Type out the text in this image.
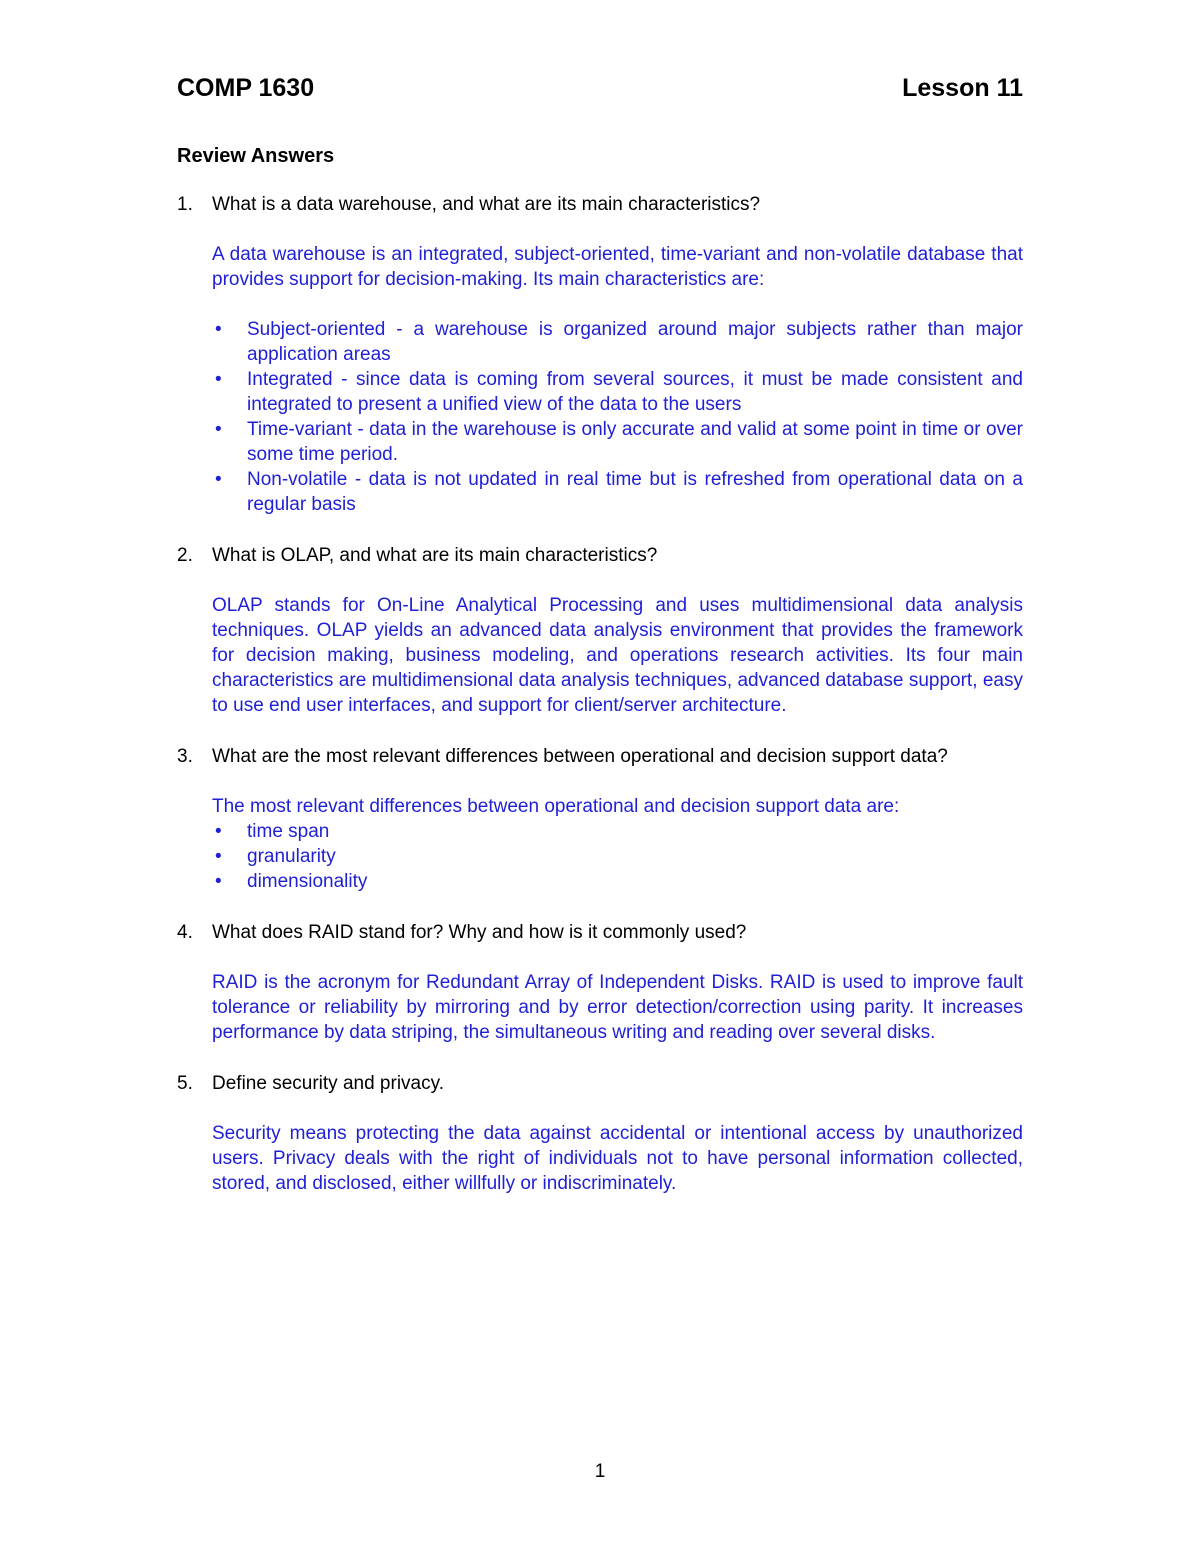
COMP 1630	Lesson 11
Review Answers
1. What is a data warehouse, and what are its main characteristics?

A data warehouse is an integrated, subject-oriented, time-variant and non-volatile database that provides support for decision-making. Its main characteristics are:

• Subject-oriented - a warehouse is organized around major subjects rather than major application areas
• Integrated - since data is coming from several sources, it must be made consistent and integrated to present a unified view of the data to the users
• Time-variant - data in the warehouse is only accurate and valid at some point in time or over some time period.
• Non-volatile - data is not updated in real time but is refreshed from operational data on a regular basis
2. What is OLAP, and what are its main characteristics?

OLAP stands for On-Line Analytical Processing and uses multidimensional data analysis techniques. OLAP yields an advanced data analysis environment that provides the framework for decision making, business modeling, and operations research activities. Its four main characteristics are multidimensional data analysis techniques, advanced database support, easy to use end user interfaces, and support for client/server architecture.

3. What are the most relevant differences between operational and decision support data?

The most relevant differences between operational and decision support data are:

• time span
• granularity
• dimensionality
4. What does RAID stand for? Why and how is it commonly used?

RAID is the acronym for Redundant Array of Independent Disks. RAID is used to improve fault tolerance or reliability by mirroring and by error detection/correction using parity. It increases performance by data striping, the simultaneous writing and reading over several disks.

5. Define security and privacy.

Security means protecting the data against accidental or intentional access by unauthorized users. Privacy deals with the right of individuals not to have personal information collected, stored, and disclosed, either willfully or indiscriminately.

1
